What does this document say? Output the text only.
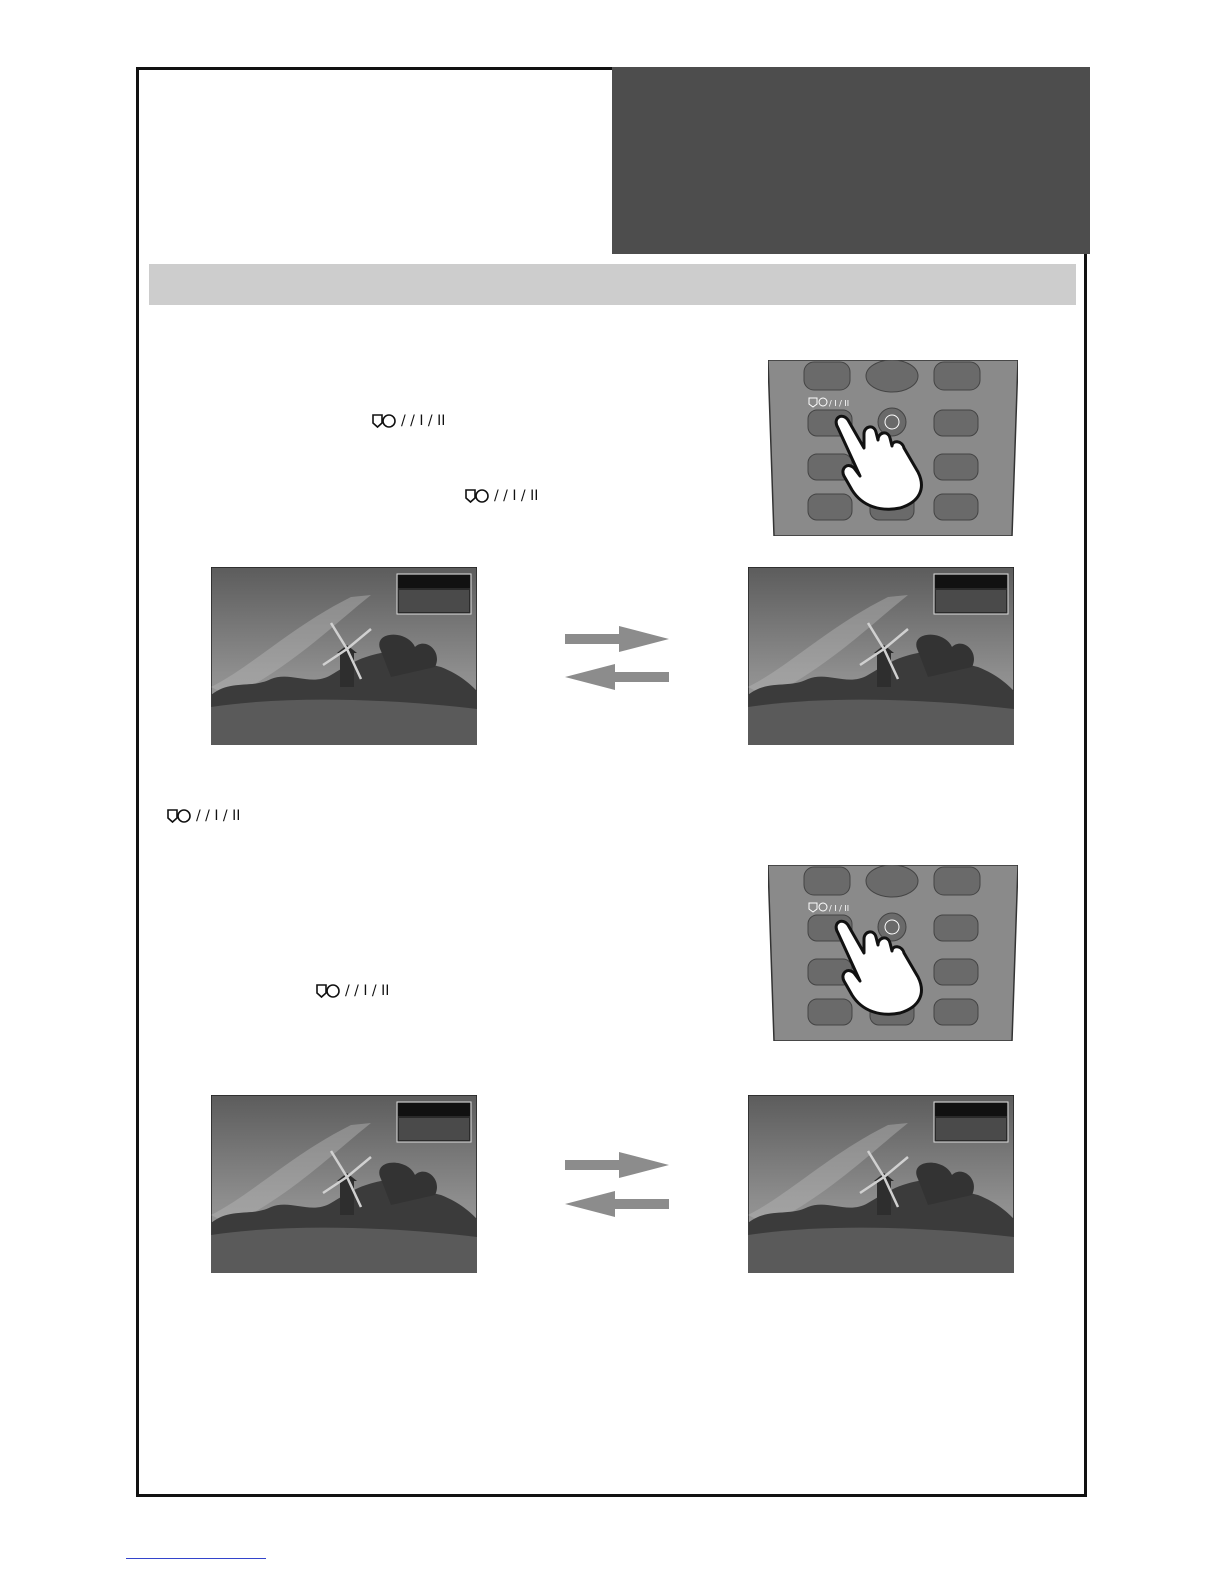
/ / I / II
/ / I / II
/ / I / II
/ / I / II
/ I / II
/ I / II
